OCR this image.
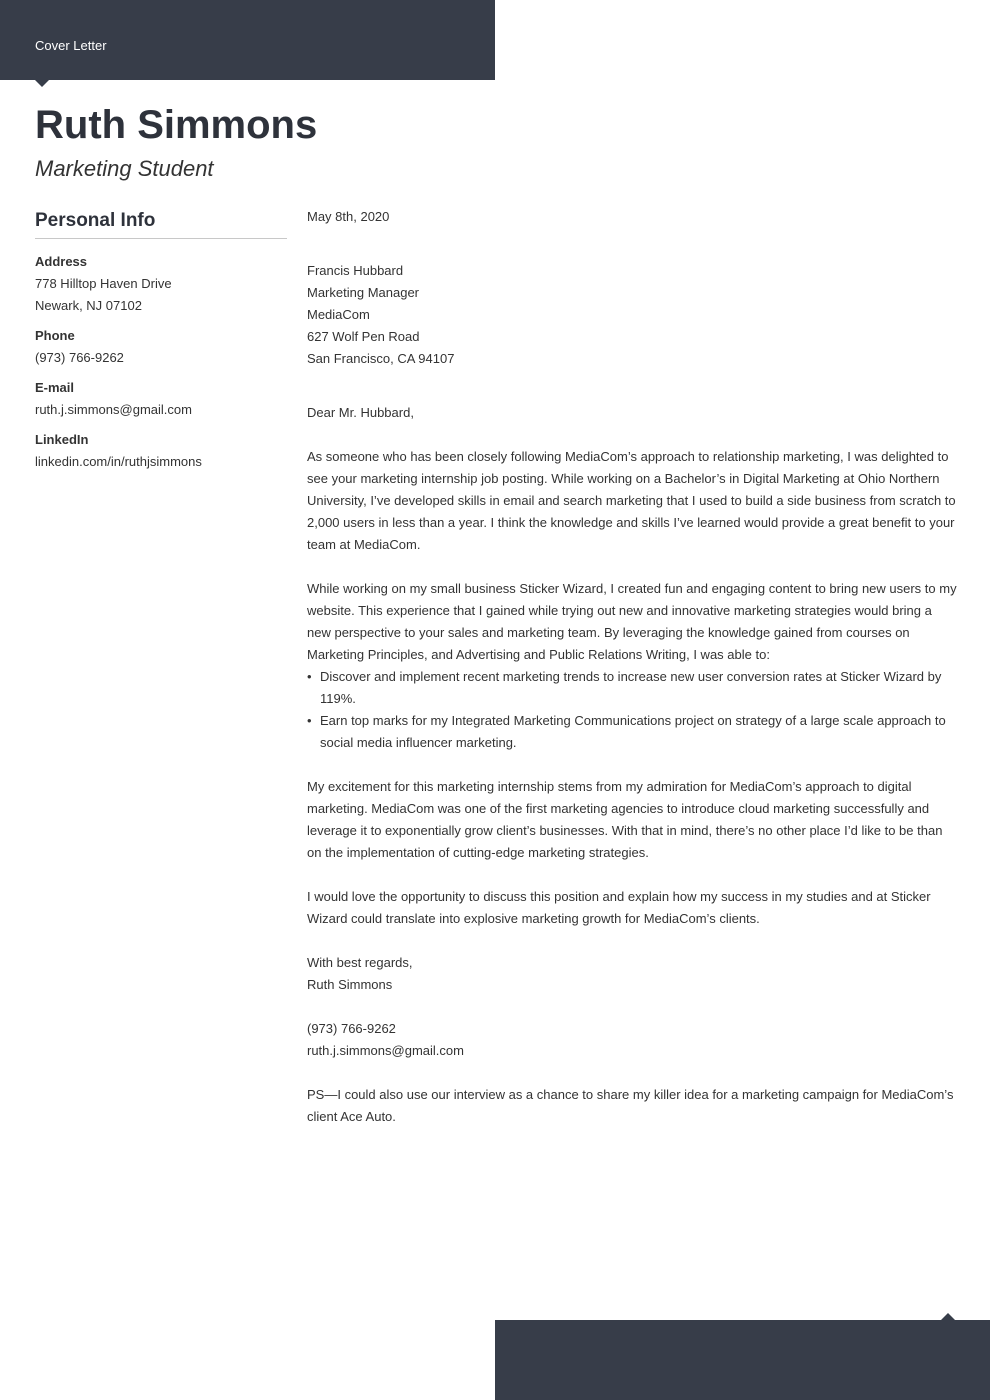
Cover Letter
Ruth Simmons
Marketing Student
Personal Info
Address
778 Hilltop Haven Drive
Newark, NJ 07102
Phone
(973) 766-9262
E-mail
ruth.j.simmons@gmail.com
LinkedIn
linkedin.com/in/ruthjsimmons

May 8th, 2020

Francis Hubbard

Marketing Manager

MediaCom

627 Wolf Pen Road

San Francisco, CA 94107

Dear Mr. Hubbard,

As someone who has been closely following MediaCom’s approach to relationship marketing, I was delighted to see your marketing internship job posting. While working on a Bachelor’s in Digital Marketing at Ohio Northern University, I’ve developed skills in email and search marketing that I used to build a side business from scratch to 2,000 users in less than a year. I think the knowledge and skills I’ve learned would provide a great benefit to your team at MediaCom.

While working on my small business Sticker Wizard, I created fun and engaging content to bring new users to my website. This experience that I gained while trying out new and innovative marketing strategies would bring a new perspective to your sales and marketing team. By leveraging the knowledge gained from courses on Marketing Principles, and Advertising and Public Relations Writing, I was able to:

• Discover and implement recent marketing trends to increase new user conversion rates at Sticker Wizard by 119%.
• Earn top marks for my Integrated Marketing Communications project on strategy of a large scale approach to social media influencer marketing.

My excitement for this marketing internship stems from my admiration for MediaCom’s approach to digital marketing. MediaCom was one of the first marketing agencies to introduce cloud marketing successfully and leverage it to exponentially grow client’s businesses. With that in mind, there’s no other place I’d like to be than on the implementation of cutting-edge marketing strategies.

I would love the opportunity to discuss this position and explain how my success in my studies and at Sticker Wizard could translate into explosive marketing growth for MediaCom’s clients.

With best regards,

Ruth Simmons

(973) 766-9262

ruth.j.simmons@gmail.com

PS—I could also use our interview as a chance to share my killer idea for a marketing campaign for MediaCom’s client Ace Auto.
